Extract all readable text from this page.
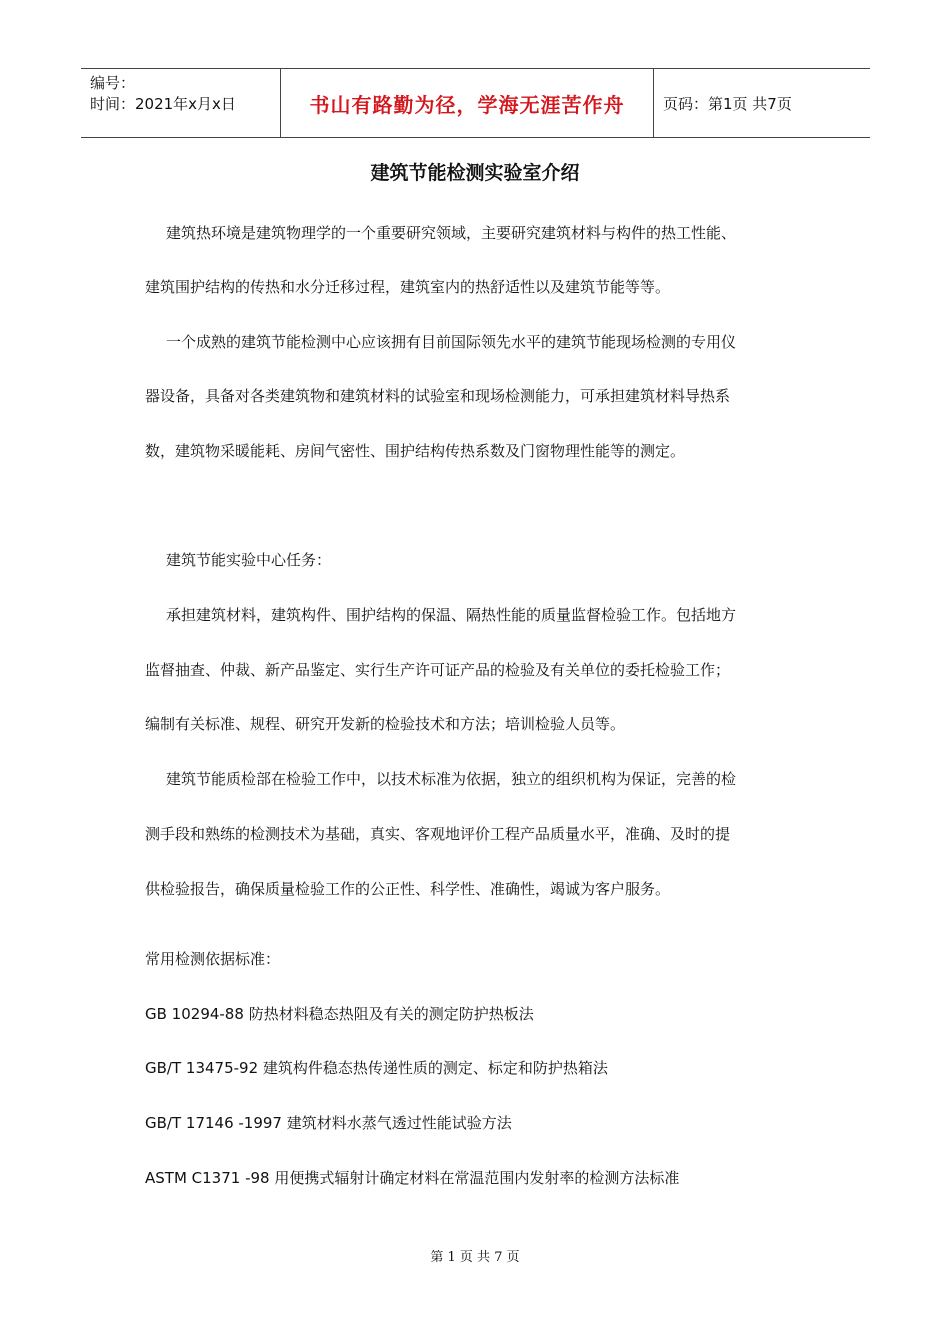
编号：
时间：2021年x月x日	书山有路勤为径，学海无涯苦作舟	页码：第1页 共7页
建筑节能检测实验室介绍
建筑热环境是建筑物理学的一个重要研究领域，主要研究建筑材料与构件的热工性能、
建筑围护结构的传热和水分迁移过程，建筑室内的热舒适性以及建筑节能等等。
一个成熟的建筑节能检测中心应该拥有目前国际领先水平的建筑节能现场检测的专用仪
器设备，具备对各类建筑物和建筑材料的试验室和现场检测能力，可承担建筑材料导热系
数，建筑物采暖能耗、房间气密性、围护结构传热系数及门窗物理性能等的测定。
建筑节能实验中心任务：
承担建筑材料，建筑构件、围护结构的保温、隔热性能的质量监督检验工作。包括地方
监督抽查、仲裁、新产品鉴定、实行生产许可证产品的检验及有关单位的委托检验工作；
编制有关标准、规程、研究开发新的检验技术和方法；培训检验人员等。
建筑节能质检部在检验工作中，以技术标准为依据，独立的组织机构为保证，完善的检
测手段和熟练的检测技术为基础，真实、客观地评价工程产品质量水平，准确、及时的提
供检验报告，确保质量检验工作的公正性、科学性、准确性，竭诚为客户服务。
常用检测依据标准：
GB 10294-88 防热材料稳态热阻及有关的测定防护热板法
GB/T 13475-92 建筑构件稳态热传递性质的测定、标定和防护热箱法
GB/T 17146 -1997 建筑材料水蒸气透过性能试验方法
ASTM C1371 -98 用便携式辐射计确定材料在常温范围内发射率的检测方法标准
第 1 页 共 7 页
